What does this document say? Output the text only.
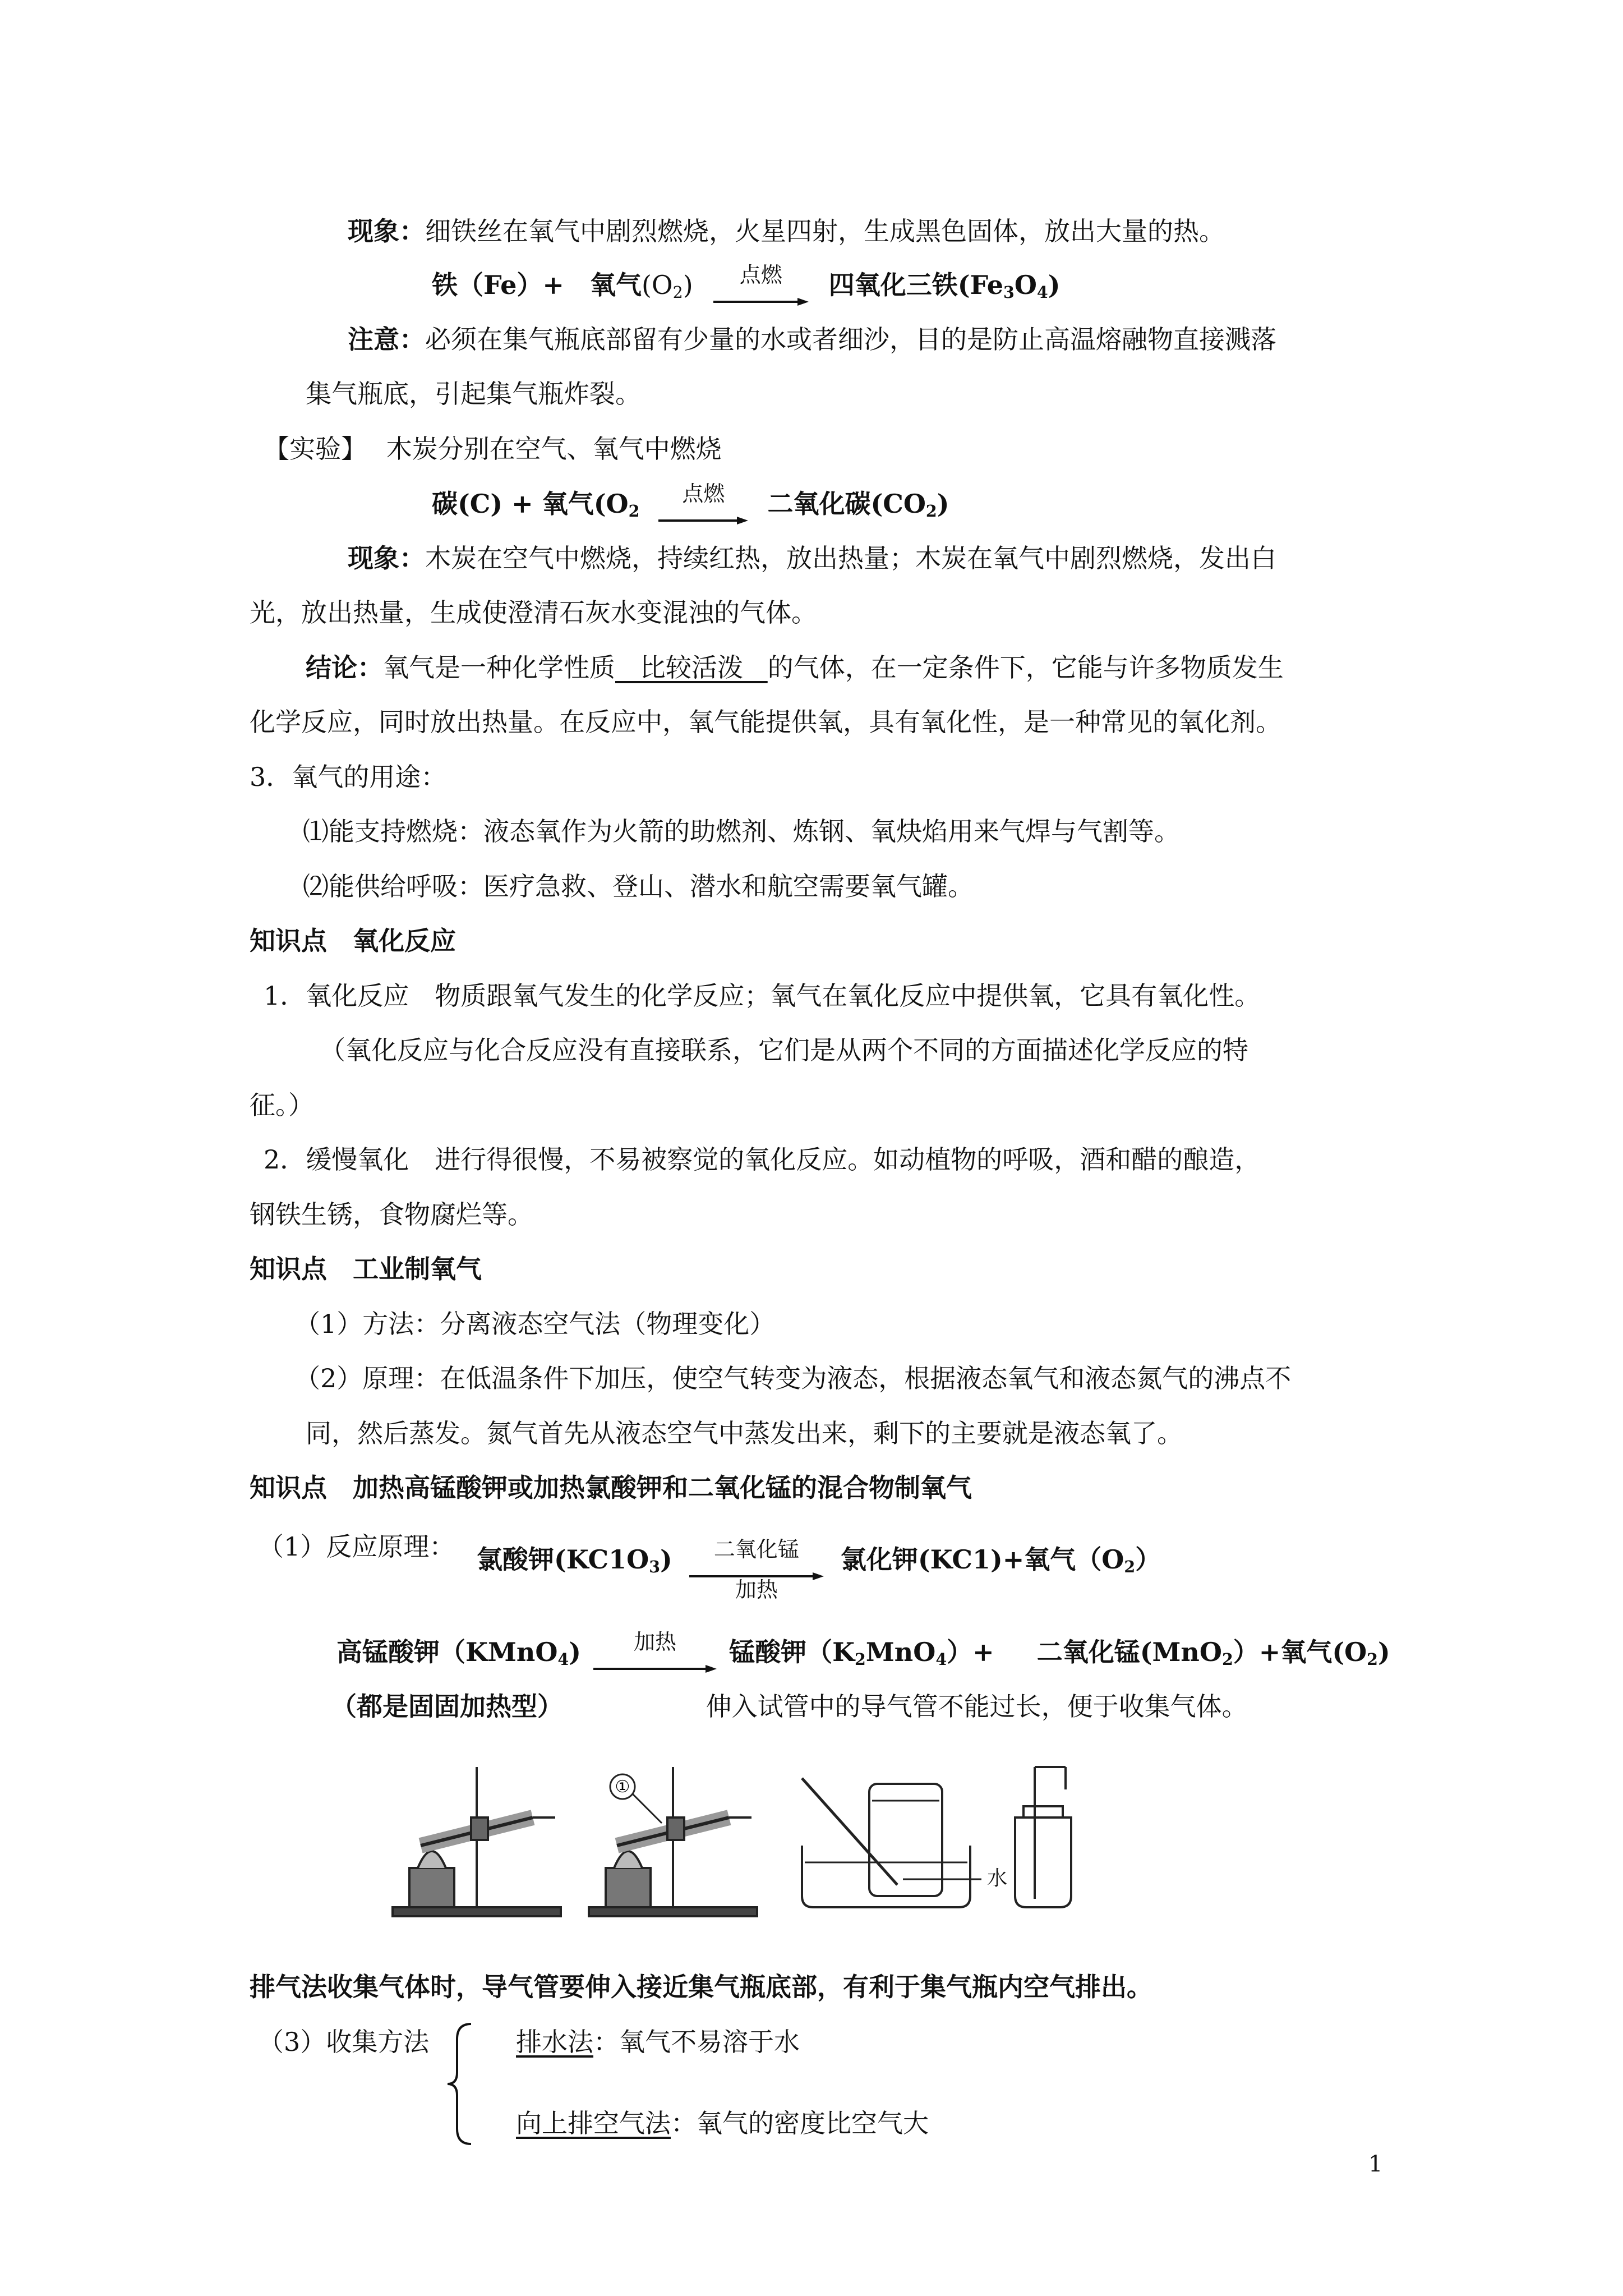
现象：细铁丝在氧气中剧烈燃烧，火星四射，生成黑色固体，放出大量的热。
铁（Fe）+ 氧气$(O_2)$	点燃	四氧化三铁$(Fe_3O_4)$
注意：必须在集气瓶底部留有少量的水或者细沙，目的是防止高温熔融物直接溅落
集气瓶底，引起集气瓶炸裂。
【实验】 木炭分别在空气、氧气中燃烧
碳(C) + 氧气($O_2$
点燃	二氧化碳$(CO_2)$
现象：木炭在空气中燃烧，持续红热，放出热量；木炭在氧气中剧烈燃烧，发出白
光，放出热量，生成使澄清石灰水变混浊的气体。
结论：氧气是一种化学性质   比较活泼   的气体，在一定条件下，它能与许多物质发生
化学反应，同时放出热量。在反应中，氧气能提供氧，具有氧化性，是一种常见的氧化剂。
3．氧气的用途：
⑴能支持燃烧：液态氧作为火箭的助燃剂、炼钢、氧炔焰用来气焊与气割等。
⑵能供给呼吸：医疗急救、登山、潜水和航空需要氧气罐。
知识点　氧化反应
1．氧化反应　物质跟氧气发生的化学反应；氧气在氧化反应中提供氧，它具有氧化性。
（氧化反应与化合反应没有直接联系，它们是从两个不同的方面描述化学反应的特
征。）
2．缓慢氧化　进行得很慢，不易被察觉的氧化反应。如动植物的呼吸，酒和醋的酿造，
钢铁生锈，食物腐烂等。
知识点　工业制氧气
（1）方法：分离液态空气法（物理变化）
（2）原理：在低温条件下加压，使空气转变为液态，根据液态氧气和液态氮气的沸点不
同，然后蒸发。氮气首先从液态空气中蒸发出来，剩下的主要就是液态氧了。
知识点　加热高锰酸钾或加热氯酸钾和二氧化锰的混合物制氧气
（1）反应原理： 氯酸钾$(KC1O_3)$	二氧化锰
加热
氯化钾(KC1)+氧气$(O_2)$
高锰酸钾（KMnO$_4$)	加热	锰酸钾$(K_2MnO_4)+$ 二氧化锰(MnO$_2$）+氧气$(O_2)$
（都是固固加热型）	伸入试管中的导气管不能过长，便于收集气体。
①
水
排气法收集气体时，导气管要伸入接近集气瓶底部，有利于集气瓶内空气排出。
（3）收集方法	排水法：氧气不易溶于水
向上排空气法：氧气的密度比空气大
1
